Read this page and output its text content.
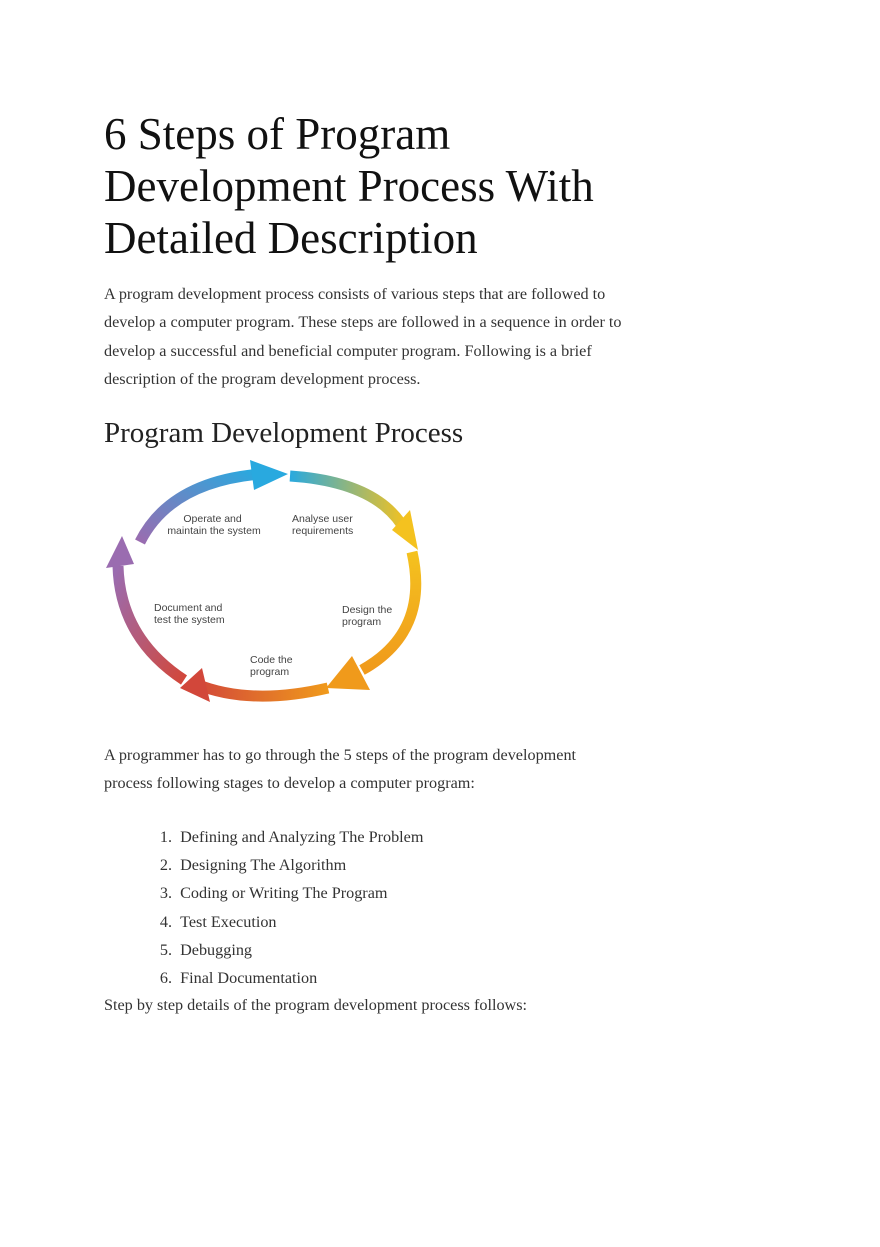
6 Steps of Program
Development Process With
Detailed Description

A program development process consists of various steps that are followed to
develop a computer program. These steps are followed in a sequence in order to
develop a successful and beneficial computer program. Following is a brief
description of the program development process.

Program Development Process
Operate and maintain the system
Analyse user requirements
Design the program
Code the program
Document and test the system

A programmer has to go through the 5 steps of the program development
process following stages to develop a computer program:

1. Defining and Analyzing The Problem
2. Designing The Algorithm
3. Coding or Writing The Program
4. Test Execution
5. Debugging
6. Final Documentation

Step by step details of the program development process follows:
